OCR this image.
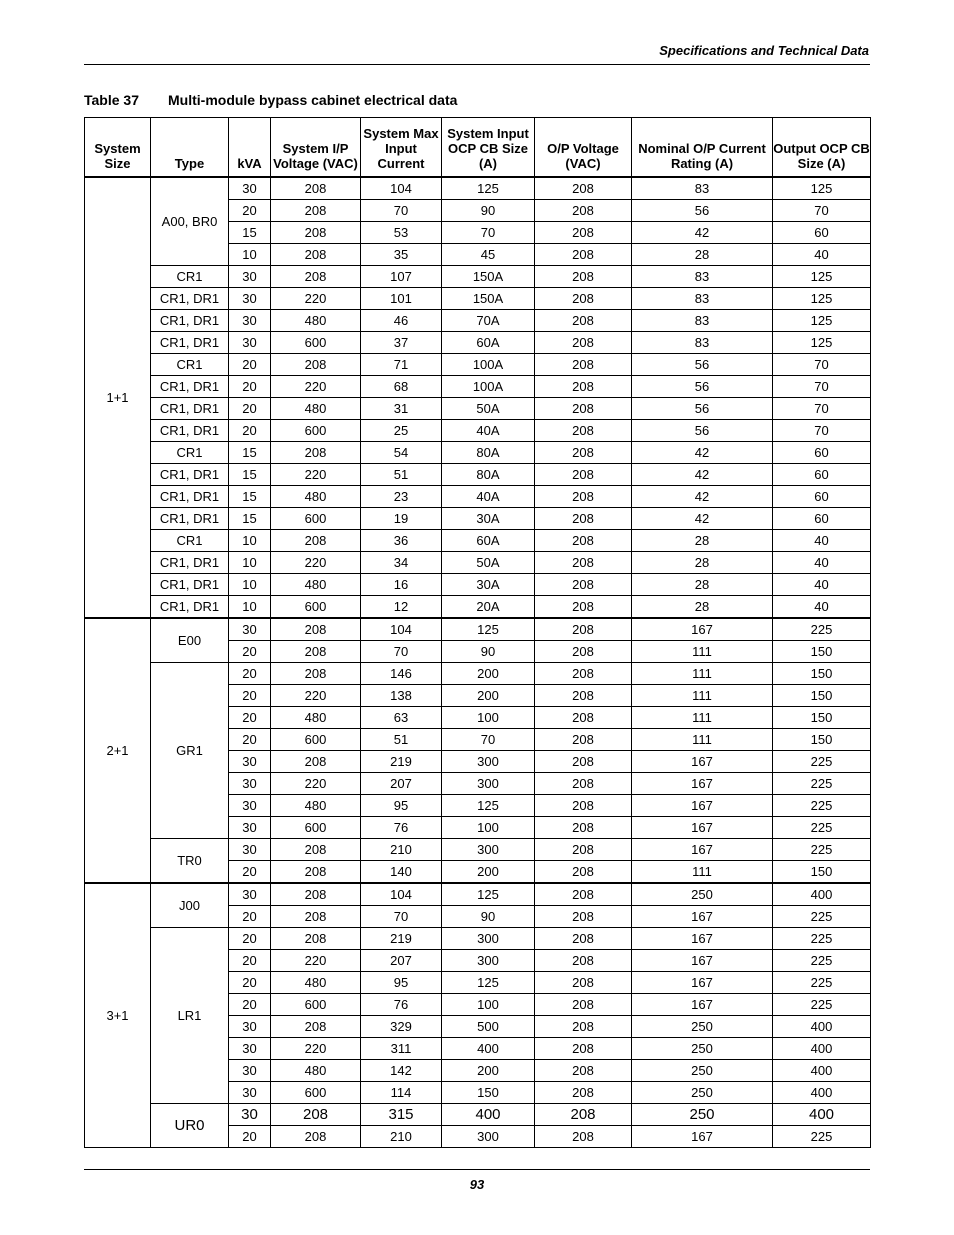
Specifications and Technical Data
Table 37 Multi-module bypass cabinet electrical data
System Size	Type	kVA	System I/P Voltage (VAC)	System Max Input Current	System Input OCP CB Size (A)	O/P Voltage (VAC)	Nominal O/P Current Rating (A)	Output OCP CB Size (A)
1+1	A00, BR0	30	208	104	125	208	83	125
		20	208	70	90	208	56	70
		15	208	53	70	208	42	60
		10	208	35	45	208	28	40
	CR1	30	208	107	150A	208	83	125
	CR1, DR1	30	220	101	150A	208	83	125
	CR1, DR1	30	480	46	70A	208	83	125
	CR1, DR1	30	600	37	60A	208	83	125
	CR1	20	208	71	100A	208	56	70
	CR1, DR1	20	220	68	100A	208	56	70
	CR1, DR1	20	480	31	50A	208	56	70
	CR1, DR1	20	600	25	40A	208	56	70
	CR1	15	208	54	80A	208	42	60
	CR1, DR1	15	220	51	80A	208	42	60
	CR1, DR1	15	480	23	40A	208	42	60
	CR1, DR1	15	600	19	30A	208	42	60
	CR1	10	208	36	60A	208	28	40
	CR1, DR1	10	220	34	50A	208	28	40
	CR1, DR1	10	480	16	30A	208	28	40
	CR1, DR1	10	600	12	20A	208	28	40
2+1	E00	30	208	104	125	208	167	225
		20	208	70	90	208	111	150
	GR1	20	208	146	200	208	111	150
		20	220	138	200	208	111	150
		20	480	63	100	208	111	150
		20	600	51	70	208	111	150
		30	208	219	300	208	167	225
		30	220	207	300	208	167	225
		30	480	95	125	208	167	225
		30	600	76	100	208	167	225
	TR0	30	208	210	300	208	167	225
		20	208	140	200	208	111	150
3+1	J00	30	208	104	125	208	250	400
		20	208	70	90	208	167	225
	LR1	20	208	219	300	208	167	225
		20	220	207	300	208	167	225
		20	480	95	125	208	167	225
		20	600	76	100	208	167	225
		30	208	329	500	208	250	400
		30	220	311	400	208	250	400
		30	480	142	200	208	250	400
		30	600	114	150	208	250	400
	UR0	30	208	315	400	208	250	400
		20	208	210	300	208	167	225
93
